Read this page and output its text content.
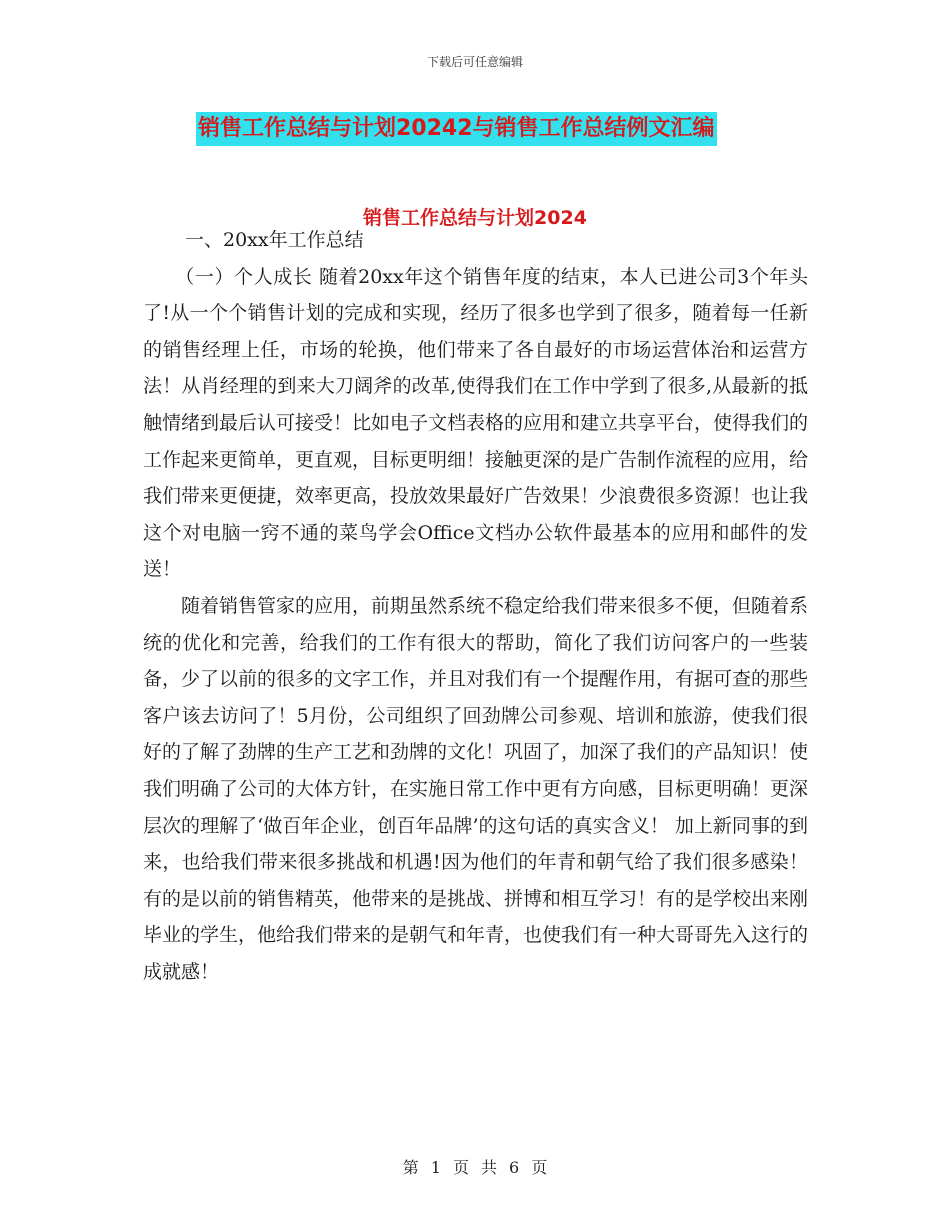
下载后可任意编辑
销售工作总结与计划20242与销售工作总结例文汇编
销售工作总结与计划2024

一、20xx年工作总结

（一）个人成长 随着20xx年这个销售年度的结束，本人已进公司3个年头了!从一个个销售计划的完成和实现，经历了很多也学到了很多，随着每一任新的销售经理上任，市场的轮换，他们带来了各自最好的市场运营体治和运营方法！从肖经理的到来大刀阔斧的改革,使得我们在工作中学到了很多,从最新的抵触情绪到最后认可接受！比如电子文档表格的应用和建立共享平台，使得我们的工作起来更简单，更直观，目标更明细！接触更深的是广告制作流程的应用，给我们带来更便捷，效率更高，投放效果最好广告效果！少浪费很多资源！也让我这个对电脑一窍不通的菜鸟学会Office文档办公软件最基本的应用和邮件的发送！

随着销售管家的应用，前期虽然系统不稳定给我们带来很多不便，但随着系统的优化和完善，给我们的工作有很大的帮助，简化了我们访问客户的一些装备，少了以前的很多的文字工作，并且对我们有一个提醒作用，有据可查的那些客户该去访问了！5月份，公司组织了回劲牌公司参观、培训和旅游，使我们很好的了解了劲牌的生产工艺和劲牌的文化！巩固了，加深了我们的产品知识！使我们明确了公司的大体方针，在实施日常工作中更有方向感，目标更明确！更深层次的理解了‘做百年企业，创百年品牌’的这句话的真实含义！ 加上新同事的到来，也给我们带来很多挑战和机遇!因为他们的年青和朝气给了我们很多感染！有的是以前的销售精英，他带来的是挑战、拼博和相互学习！有的是学校出来刚毕业的学生，他给我们带来的是朝气和年青，也使我们有一种大哥哥先入这行的成就感！

第 1 页 共 6 页
